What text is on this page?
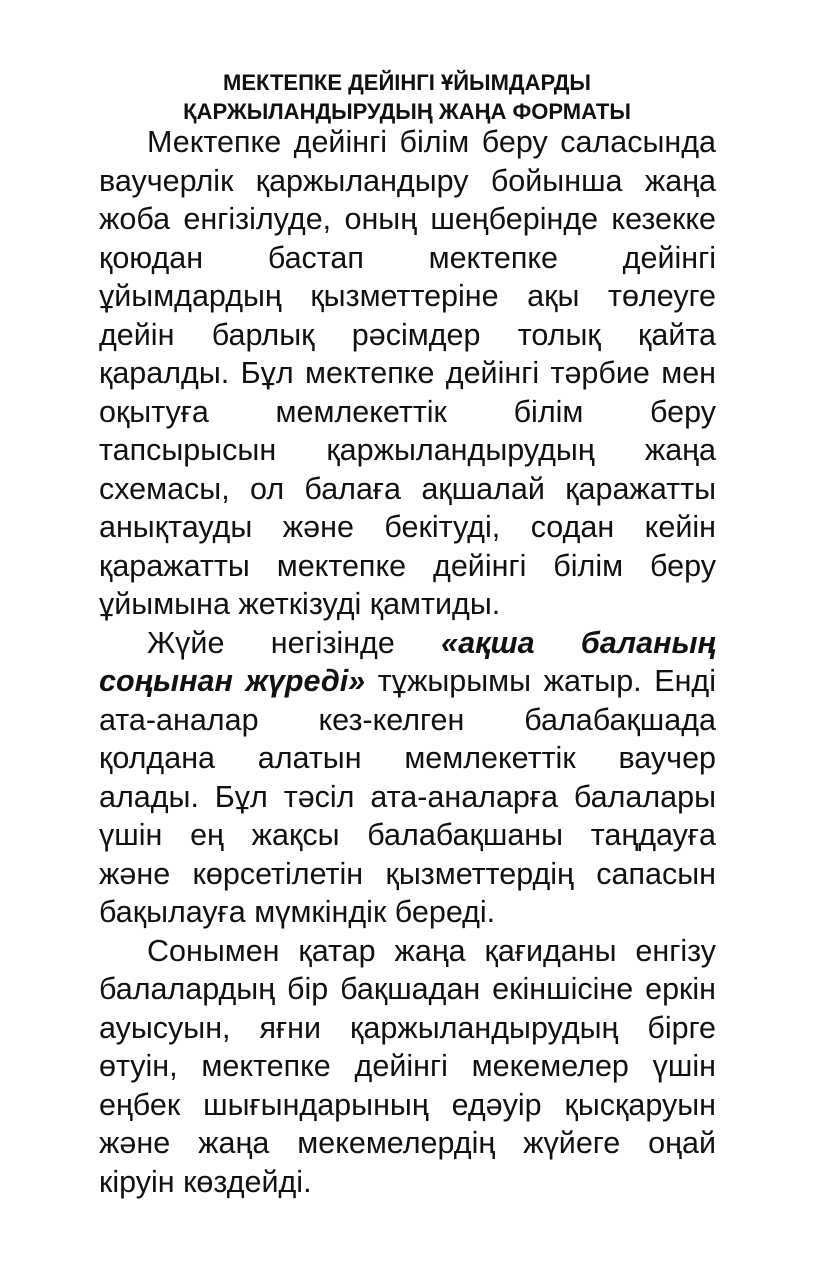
МЕКТЕПКЕ ДЕЙІНГІ ҰЙЫМДАРДЫ
ҚАРЖЫЛАНДЫРУДЫҢ ЖАҢА ФОРМАТЫ

Мектепке дейінгі білім беру саласында ваучерлік қаржыландыру бойынша жаңа жоба енгізілуде, оның шеңберінде кезекке қоюдан бастап мектепке дейінгі ұйымдардың қызметтеріне ақы төлеуге дейін барлық рәсімдер толық қайта қаралды. Бұл мектепке дейінгі тәрбие мен оқытуға мемлекеттік білім беру тапсырысын қаржыландырудың жаңа схемасы, ол балаға ақшалай қаражатты анықтауды және бекітуді, содан кейін қаражатты мектепке дейінгі білім беру ұйымына жеткізуді қамтиды.

Жүйе негізінде «ақша баланың соңынан жүреді» тұжырымы жатыр. Енді ата-аналар кез-келген балабақшада қолдана алатын мемлекеттік ваучер алады. Бұл тәсіл ата-аналарға балалары үшін ең жақсы балабақшаны таңдауға және көрсетілетін қызметтердің сапасын бақылауға мүмкіндік береді.

Сонымен қатар жаңа қағиданы енгізу балалардың бір бақшадан екіншісіне еркін ауысуын, яғни қаржыландырудың бірге өтуін, мектепке дейінгі мекемелер үшін еңбек шығындарының едәуір қысқаруын және жаңа мекемелердің жүйеге оңай кіруін көздейді.
